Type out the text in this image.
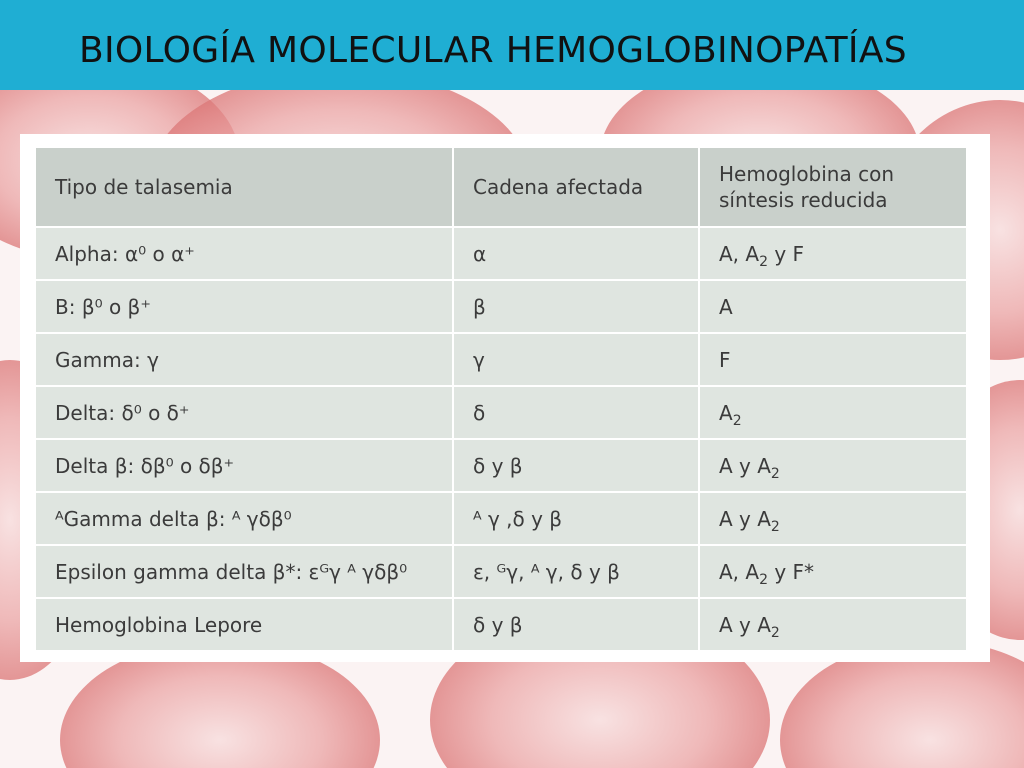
BIOLOGÍA MOLECULAR HEMOGLOBINOPATÍAS
Tipo de talasemia	Cadena afectada	Hemoglobina con síntesis reducida
Alpha: α⁰ o α⁺	α	A, $A_2$ y F
B: β⁰ o β⁺	β	A
Gamma: γ	γ	F
Delta: δ⁰ o δ⁺	δ	$A_2$
Delta β: δβ⁰ o δβ⁺	δ y β	A y $A_2$
ᴬGamma delta β: ᴬ γδβ⁰	ᴬ γ ,δ y β	A y $A_2$
Epsilon gamma delta β*: εᴳγ ᴬ γδβ⁰	ε, ᴳγ, ᴬ γ, δ y β	A, $A_2$ y F*
Hemoglobina Lepore	δ y β	A y $A_2$
